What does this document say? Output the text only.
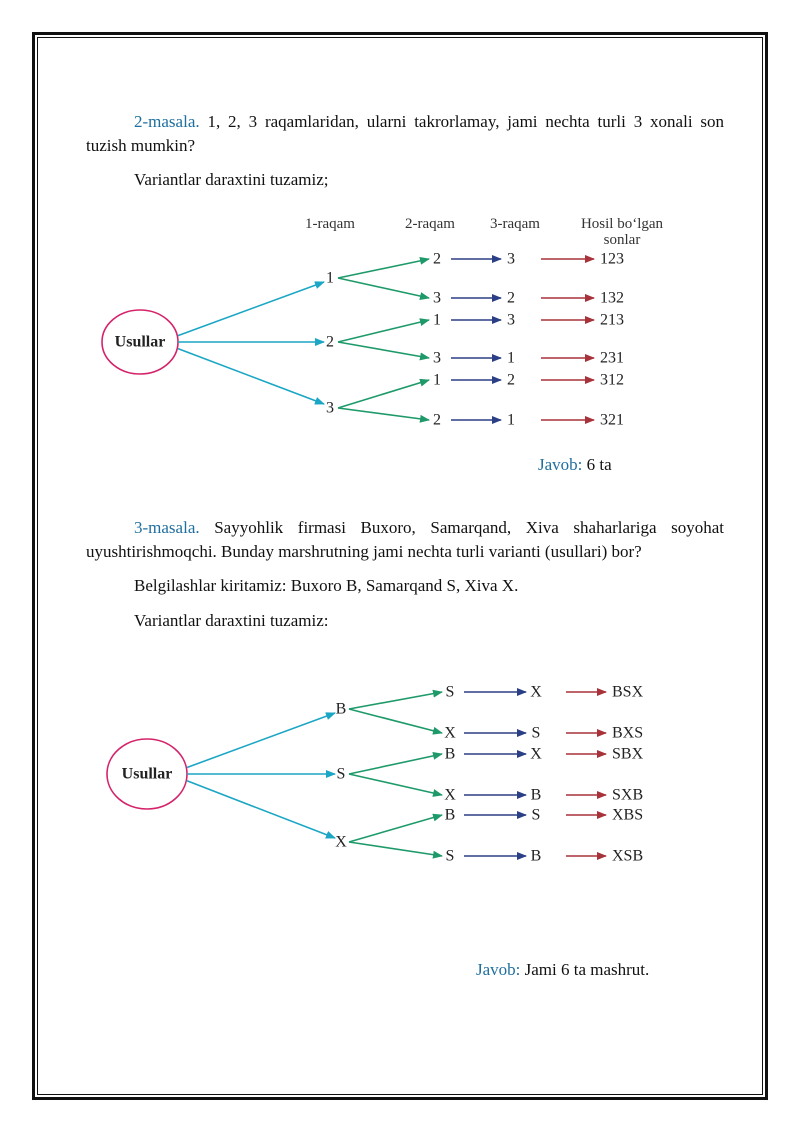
2-masala. 1, 2, 3 raqamlaridan, ularni takrorlamay, jami nechta turli 3 xonali son tuzish mumkin?

Variantlar daraxtini tuzamiz;

3-masala. Sayyohlik firmasi Buxoro, Samarqand, Xiva shaharlariga soyohat uyushtirishmoqchi. Bunday marshrutning jami nechta turli varianti (usullari) bor?

Belgilashlar kiritamiz: Buxoro B, Samarqand S, Xiva X.

Variantlar daraxtini tuzamiz:

Javob: 6 ta

Javob: Jami 6 ta mashrut.

Usullar
1-raqam	2-raqam 3-raqam	Hosil bo‘lgan
sonlar
1
2
3
2	3	123
3	2	132
1	3	213
3	1	231
1	2	312
2	1	321
Usullar
B
S
X
S	X	BSX
X	S	BXS
B	X	SBX
X	B	SXB
B	S	XBS
S	B	XSB
